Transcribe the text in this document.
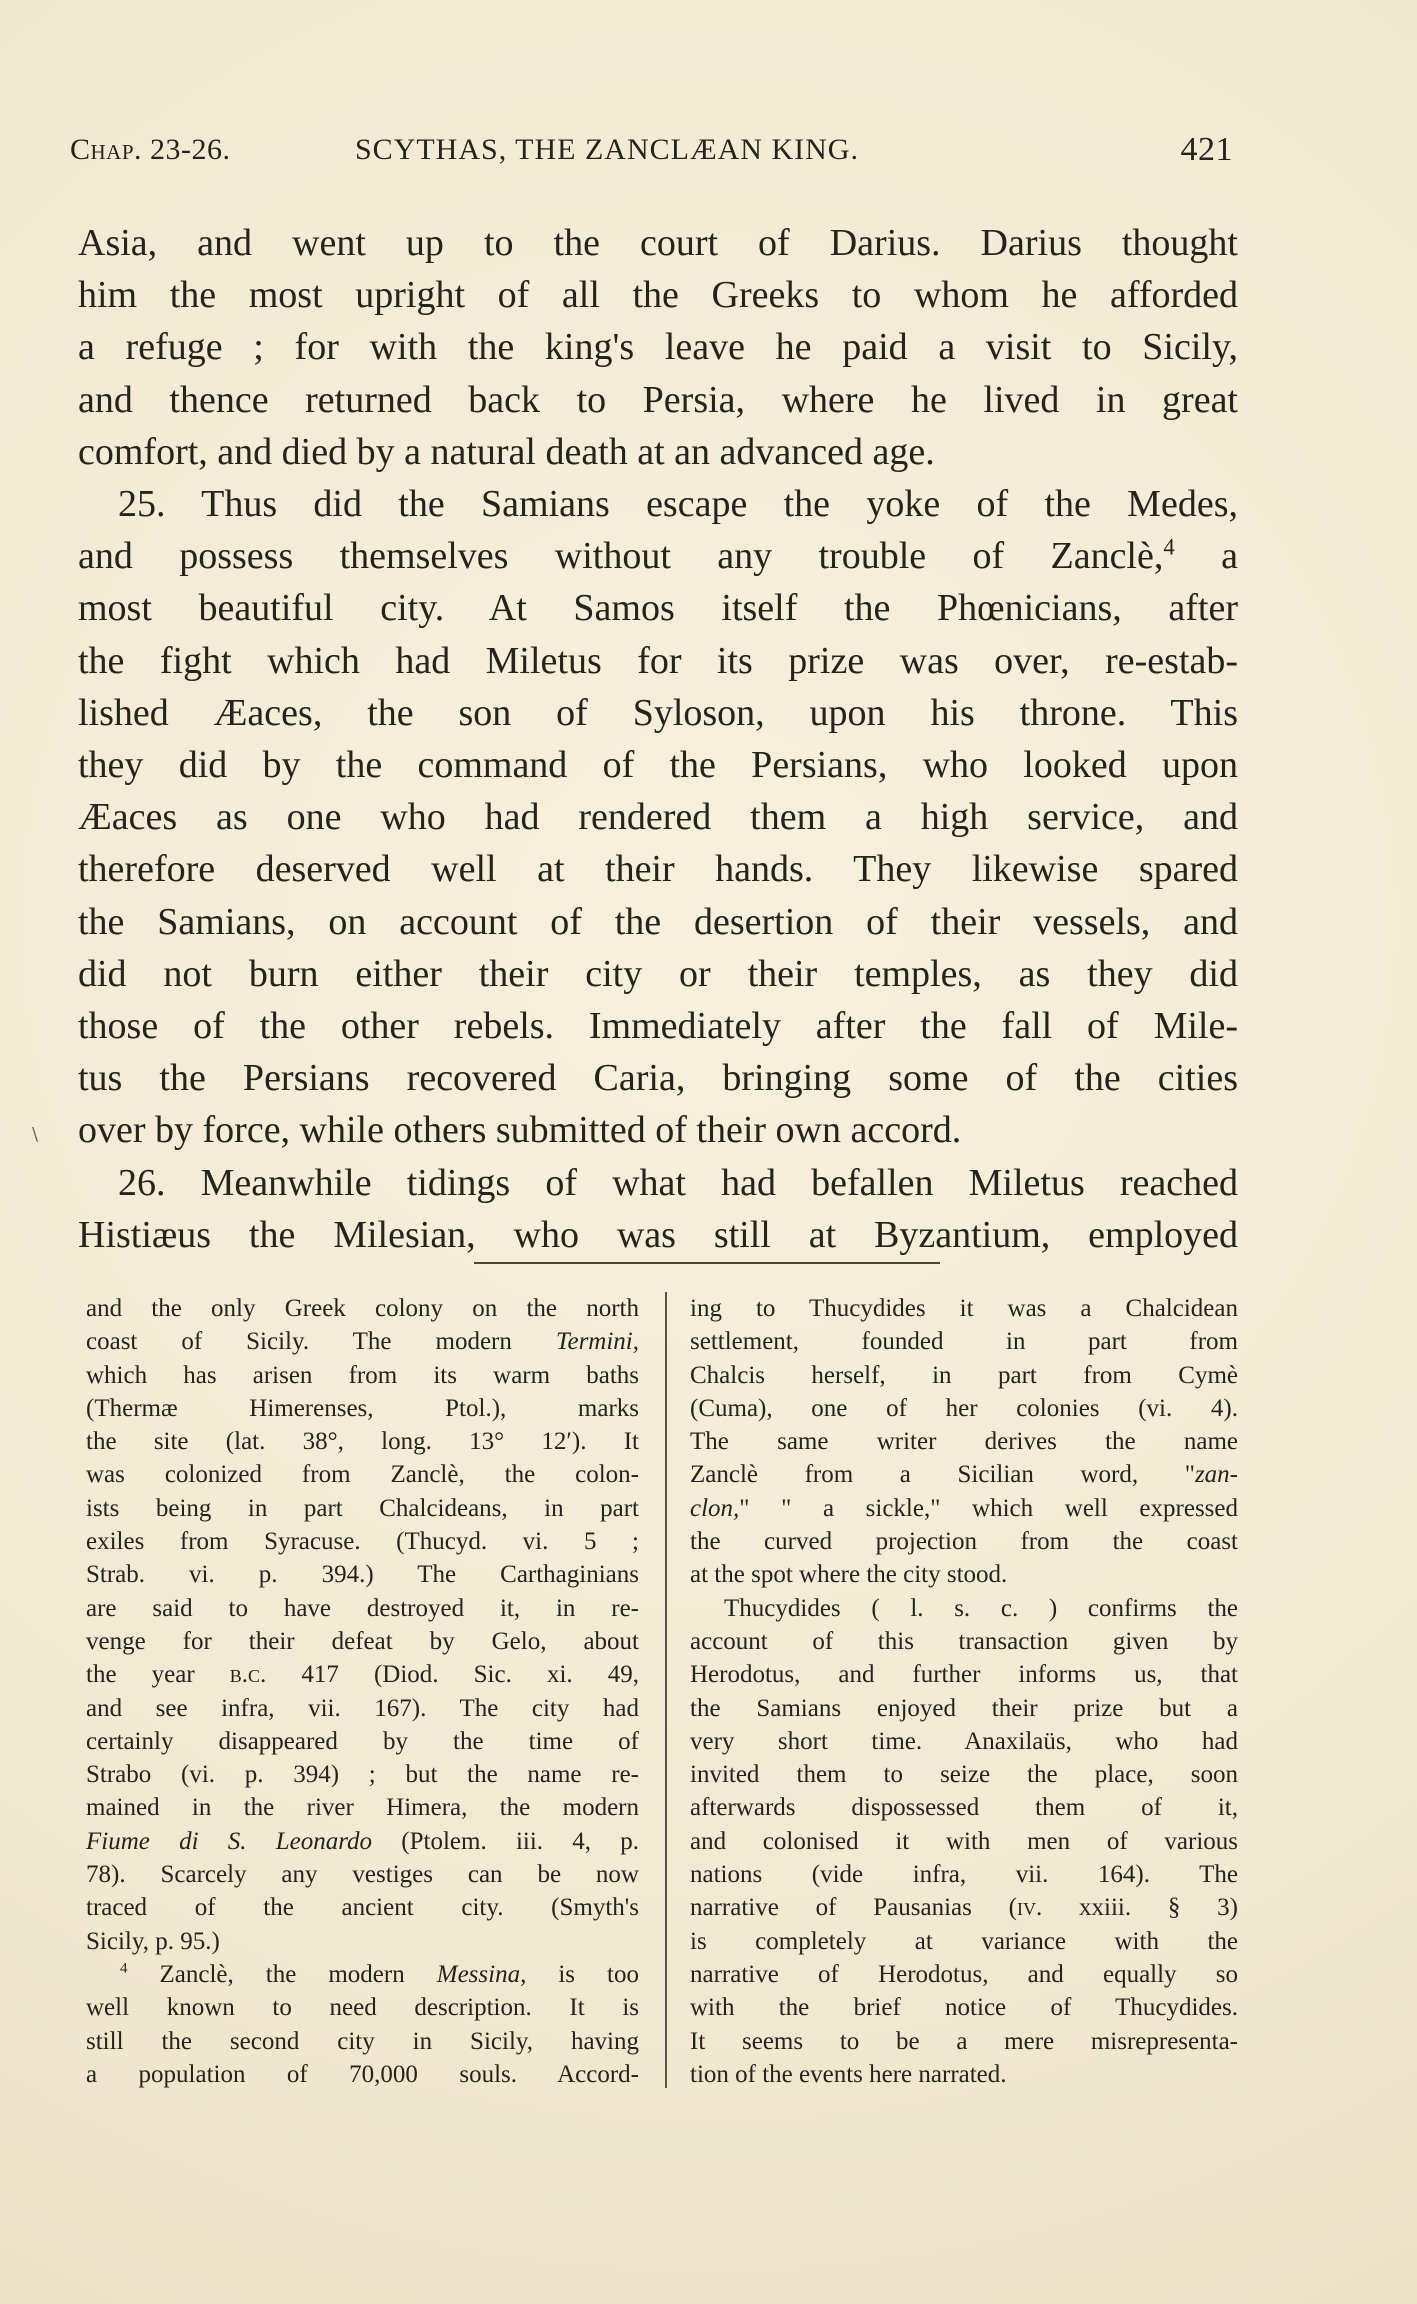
Chap. 23-26.	SCYTHAS, THE ZANCLÆAN KING.	421
\
Asia, and went up to the court of Darius. Darius thought
him the most upright of all the Greeks to whom he afforded
a refuge ; for with the king's leave he paid a visit to Sicily,
and thence returned back to Persia, where he lived in great
comfort, and died by a natural death at an advanced age.
25. Thus did the Samians escape the yoke of the Medes,
and possess themselves without any trouble of Zanclè,$^4$ a
most beautiful city. At Samos itself the Phœnicians, after
the fight which had Miletus for its prize was over, re-estab-
lished Æaces, the son of Syloson, upon his throne. This
they did by the command of the Persians, who looked upon
Æaces as one who had rendered them a high service, and
therefore deserved well at their hands. They likewise spared
the Samians, on account of the desertion of their vessels, and
did not burn either their city or their temples, as they did
those of the other rebels. Immediately after the fall of Mile-
tus the Persians recovered Caria, bringing some of the cities
over by force, while others submitted of their own accord.
26. Meanwhile tidings of what had befallen Miletus reached
Histiæus the Milesian, who was still at Byzantium, employed
and the only Greek colony on the north
coast of Sicily. The modern Termini,
which has arisen from its warm baths
(Thermæ Himerenses, Ptol.), marks
the site (lat. 38°, long. 13° 12′). It
was colonized from Zanclè, the colon-
ists being in part Chalcideans, in part
exiles from Syracuse. (Thucyd. vi. 5 ;
Strab. vi. p. 394.) The Carthaginians
are said to have destroyed it, in re-
venge for their defeat by Gelo, about
the year b.c. 417 (Diod. Sic. xi. 49,
and see infra, vii. 167). The city had
certainly disappeared by the time of
Strabo (vi. p. 394) ; but the name re-
mained in the river Himera, the modern
Fiume di S. Leonardo (Ptolem. iii. 4, p.
78). Scarcely any vestiges can be now
traced of the ancient city. (Smyth's
Sicily, p. 95.)
$^4$ Zanclè, the modern Messina, is too
well known to need description. It is
still the second city in Sicily, having
a population of 70,000 souls. Accord-
ing to Thucydides it was a Chalcidean
settlement, founded in part from
Chalcis herself, in part from Cymè
(Cuma), one of her colonies (vi. 4).
The same writer derives the name
Zanclè from a Sicilian word, "zan-
clon," " a sickle," which well expressed
the curved projection from the coast
at the spot where the city stood.
Thucydides ( l. s. c. ) confirms the
account of this transaction given by
Herodotus, and further informs us, that
the Samians enjoyed their prize but a
very short time. Anaxilaüs, who had
invited them to seize the place, soon
afterwards dispossessed them of it,
and colonised it with men of various
nations (vide infra, vii. 164). The
narrative of Pausanias (iv. xxiii. § 3)
is completely at variance with the
narrative of Herodotus, and equally so
with the brief notice of Thucydides.
It seems to be a mere misrepresenta-
tion of the events here narrated.
